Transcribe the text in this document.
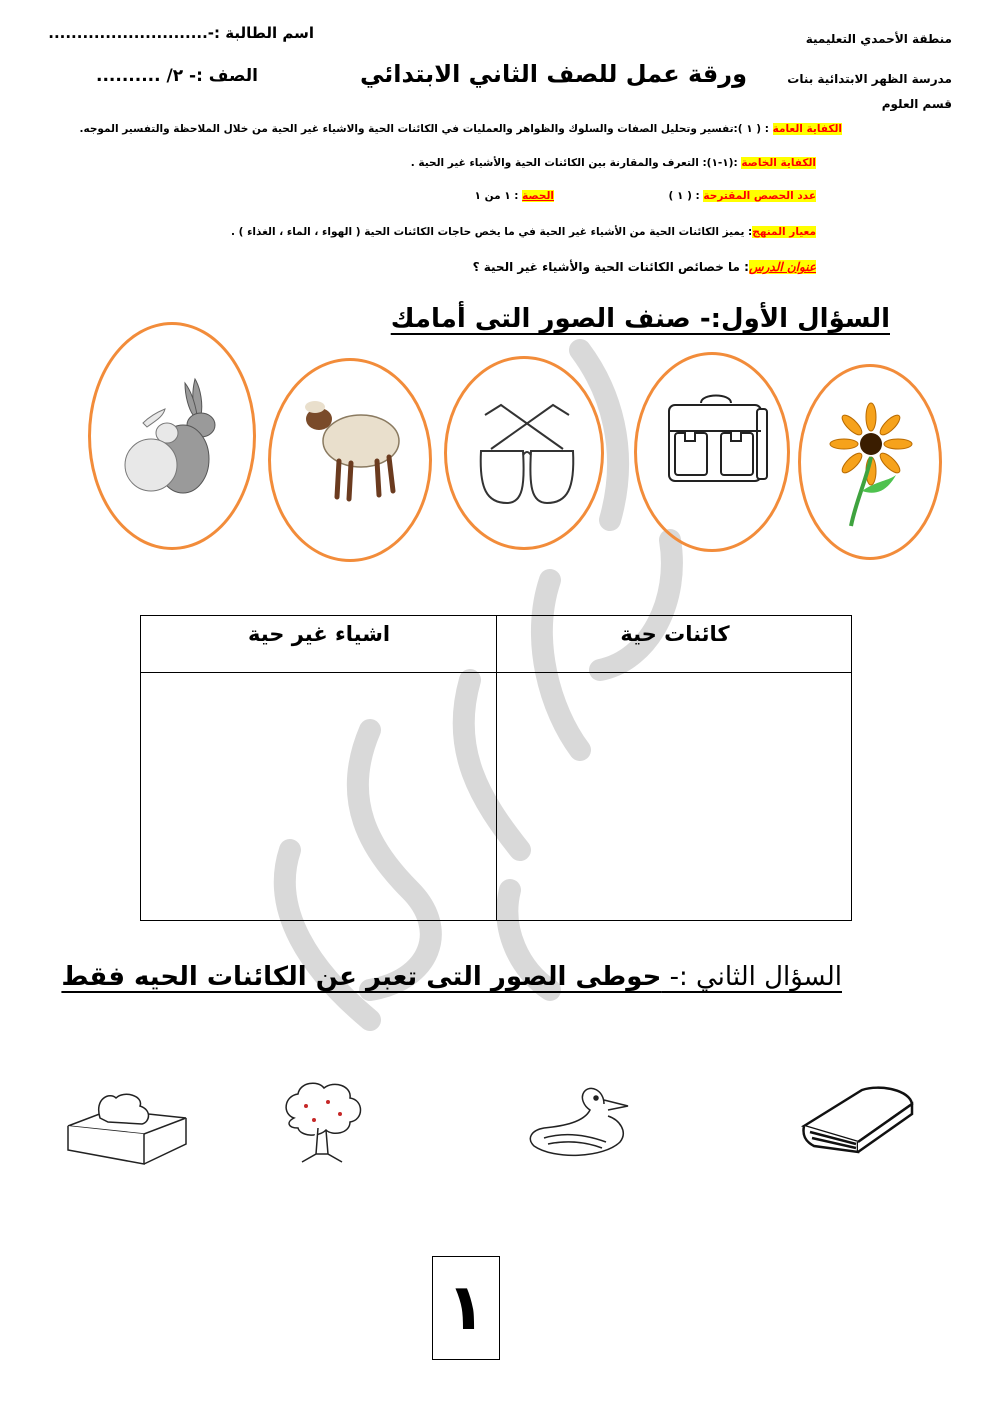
منطقة الأحمدي التعليمية
مدرسة الظهر الابتدائية بنات
قسم العلوم
اسم الطالبة :-............................
ورقة عمل للصف الثاني الابتدائي
الصف :- ٢/ ..........
الكفاية العامة : ( ١ ):تفسير وتحليل الصفات والسلوك والظواهر والعمليات في الكائنات الحية والاشياء غير الحية من خلال الملاحظة والتفسير الموجه.
الكفاية الخاصة :(١-١): التعرف والمقارنة بين الكائنات الحية والأشياء غير الحية .
عدد الحصص المقترحة : ( ١ )
الحصة : ١ من ١
معيار المنهج: يميز الكائنات الحية من الأشياء غير الحية في ما يخص حاجات الكائنات الحية ( الهواء ، الماء ، الغذاء ) .
عنوان الدرس: ما خصائص الكائنات الحية والأشياء غير الحية ؟
السؤال الأول:- صنف الصور التى أمامك
كائنات حية
اشياء غير حية
السؤال الثاني :- حوطى الصور التى تعبر عن الكائنات الحيه فقط
١
